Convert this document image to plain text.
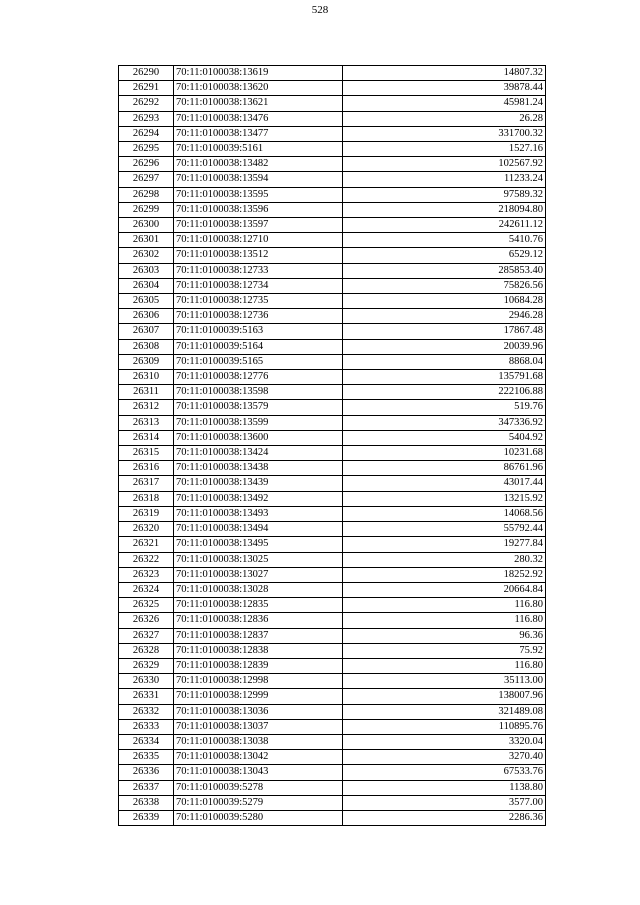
528
26290	70:11:0100038:13619	14807.32
26291	70:11:0100038:13620	39878.44
26292	70:11:0100038:13621	45981.24
26293	70:11:0100038:13476	26.28
26294	70:11:0100038:13477	331700.32
26295	70:11:0100039:5161	1527.16
26296	70:11:0100038:13482	102567.92
26297	70:11:0100038:13594	11233.24
26298	70:11:0100038:13595	97589.32
26299	70:11:0100038:13596	218094.80
26300	70:11:0100038:13597	242611.12
26301	70:11:0100038:12710	5410.76
26302	70:11:0100038:13512	6529.12
26303	70:11:0100038:12733	285853.40
26304	70:11:0100038:12734	75826.56
26305	70:11:0100038:12735	10684.28
26306	70:11:0100038:12736	2946.28
26307	70:11:0100039:5163	17867.48
26308	70:11:0100039:5164	20039.96
26309	70:11:0100039:5165	8868.04
26310	70:11:0100038:12776	135791.68
26311	70:11:0100038:13598	222106.88
26312	70:11:0100038:13579	519.76
26313	70:11:0100038:13599	347336.92
26314	70:11:0100038:13600	5404.92
26315	70:11:0100038:13424	10231.68
26316	70:11:0100038:13438	86761.96
26317	70:11:0100038:13439	43017.44
26318	70:11:0100038:13492	13215.92
26319	70:11:0100038:13493	14068.56
26320	70:11:0100038:13494	55792.44
26321	70:11:0100038:13495	19277.84
26322	70:11:0100038:13025	280.32
26323	70:11:0100038:13027	18252.92
26324	70:11:0100038:13028	20664.84
26325	70:11:0100038:12835	116.80
26326	70:11:0100038:12836	116.80
26327	70:11:0100038:12837	96.36
26328	70:11:0100038:12838	75.92
26329	70:11:0100038:12839	116.80
26330	70:11:0100038:12998	35113.00
26331	70:11:0100038:12999	138007.96
26332	70:11:0100038:13036	321489.08
26333	70:11:0100038:13037	110895.76
26334	70:11:0100038:13038	3320.04
26335	70:11:0100038:13042	3270.40
26336	70:11:0100038:13043	67533.76
26337	70:11:0100039:5278	1138.80
26338	70:11:0100039:5279	3577.00
26339	70:11:0100039:5280	2286.36
